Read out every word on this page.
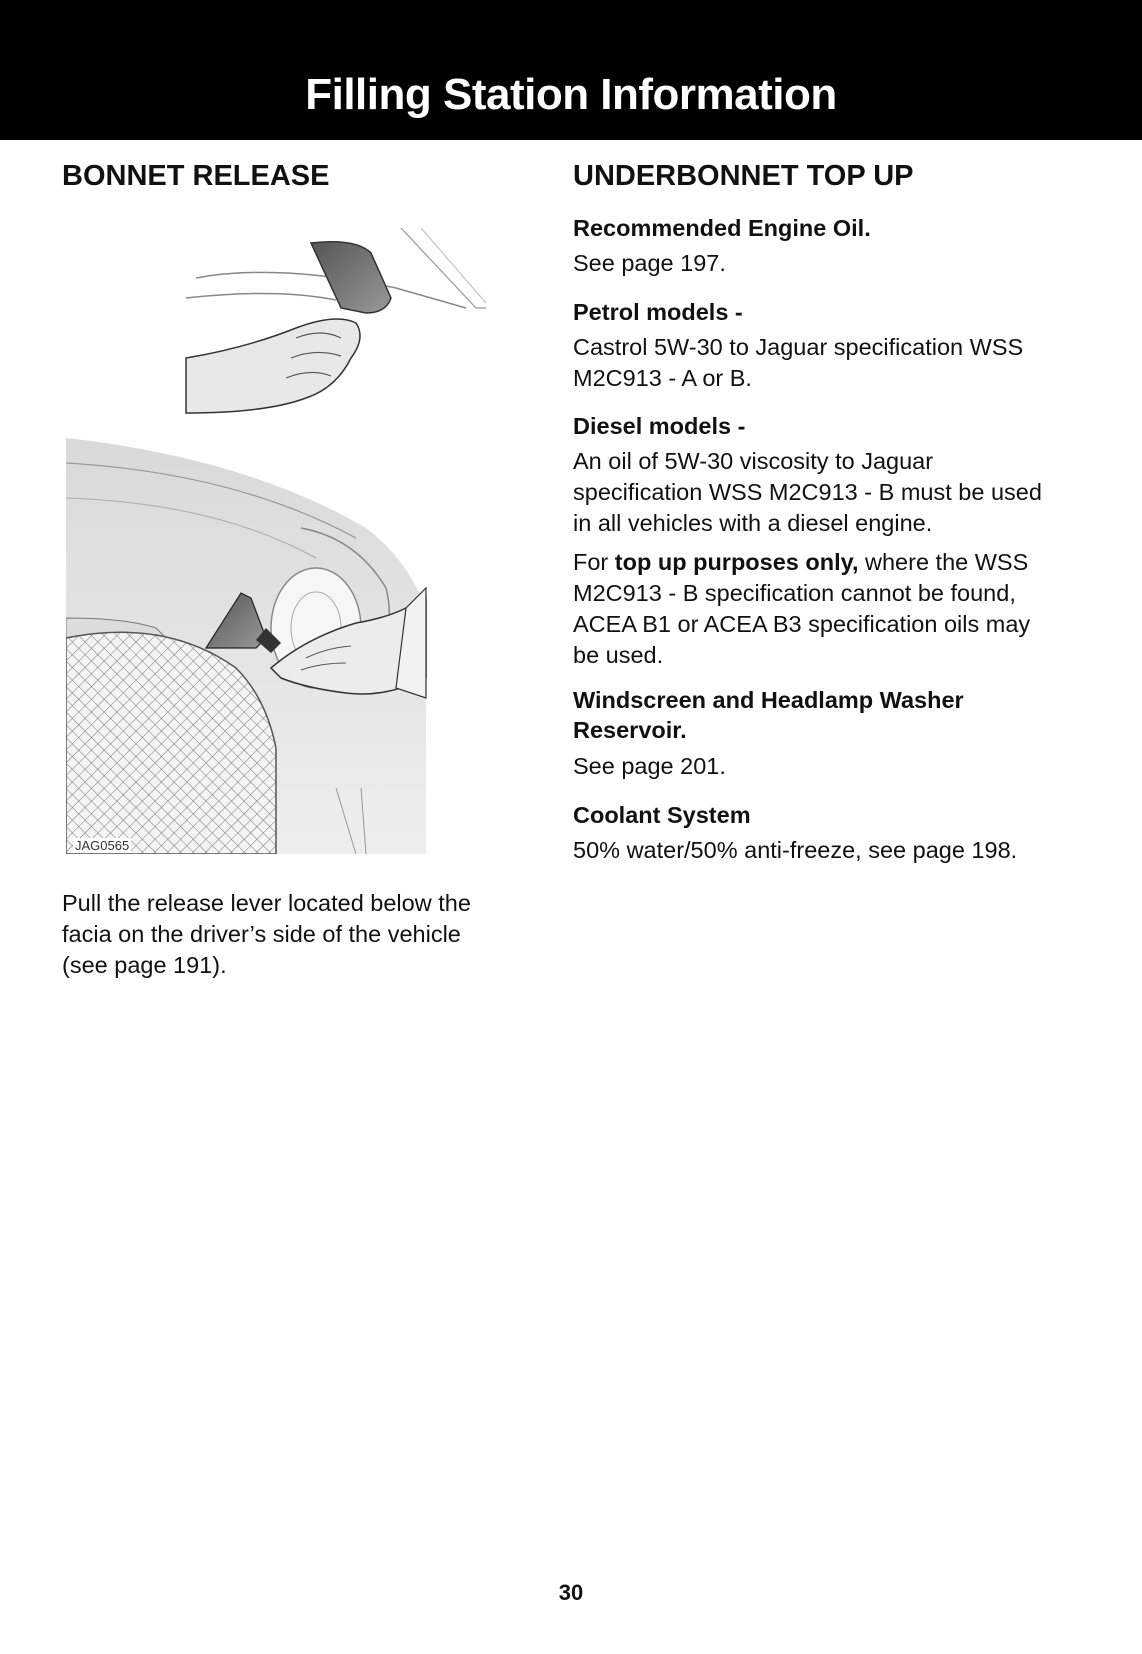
Filling Station Information
BONNET RELEASE
JAG0565

Pull the release lever located below the facia on the driver’s side of the vehicle (see page 191).

UNDERBONNET TOP UP

Recommended Engine Oil.

See page 197.

Petrol models -

Castrol 5W-30 to Jaguar specification WSS M2C913 - A or B.

Diesel models -

An oil of 5W-30 viscosity to Jaguar specification WSS M2C913 - B must be used in all vehicles with a diesel engine.

For top up purposes only, where the WSS M2C913 - B specification cannot be found, ACEA B1 or ACEA B3 specification oils may be used.

Windscreen and Headlamp Washer Reservoir.

See page 201.

Coolant System

50% water/50% anti-freeze, see page 198.

30
